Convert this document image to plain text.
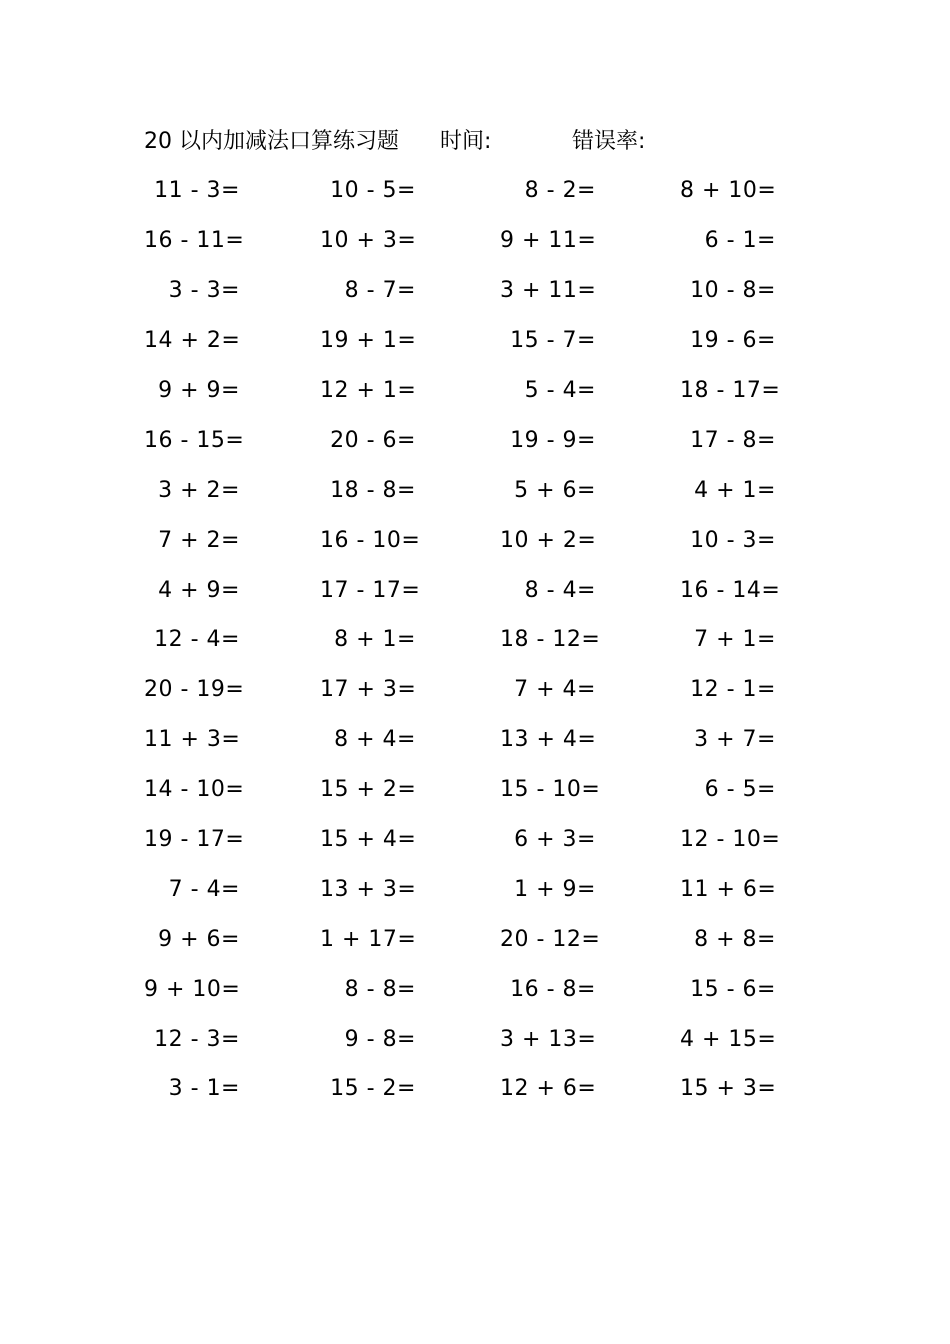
20 以内加减法口算练习题 时间:	错误率:
11 - 3=	10 - 5=	8 - 2=	8 + 10=
16 - 11=	10 + 3=	9 + 11=	6 - 1=
3 - 3=	8 - 7=	3 + 11=	10 - 8=
14 + 2=	19 + 1=	15 - 7=	19 - 6=
9 + 9=	12 + 1=	5 - 4=	18 - 17=
16 - 15=	20 - 6=	19 - 9=	17 - 8=
3 + 2=	18 - 8=	5 + 6=	4 + 1=
7 + 2=	16 - 10=	10 + 2=	10 - 3=
4 + 9=	17 - 17=	8 - 4=	16 - 14=
12 - 4=	8 + 1=	18 - 12=	7 + 1=
20 - 19=	17 + 3=	7 + 4=	12 - 1=
11 + 3=	8 + 4=	13 + 4=	3 + 7=
14 - 10=	15 + 2=	15 - 10=	6 - 5=
19 - 17=	15 + 4=	6 + 3=	12 - 10=
7 - 4=	13 + 3=	1 + 9=	11 + 6=
9 + 6=	1 + 17=	20 - 12=	8 + 8=
9 + 10=	8 - 8=	16 - 8=	15 - 6=
12 - 3=	9 - 8=	3 + 13=	4 + 15=
3 - 1=	15 - 2=	12 + 6=	15 + 3=
